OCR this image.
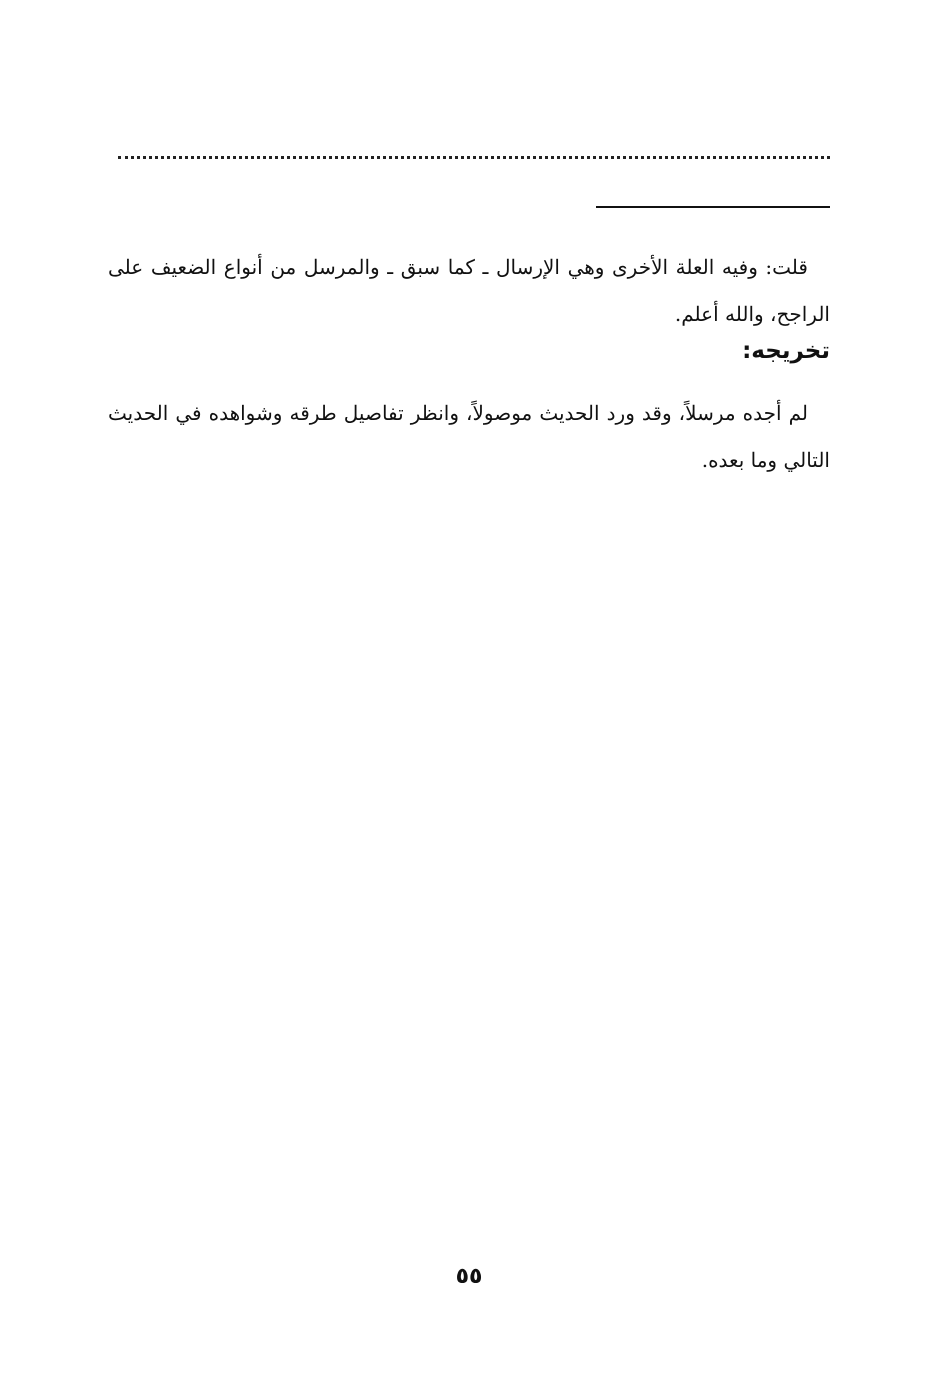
قلت: وفيه العلة الأخرى وهي الإرسال ـ كما سبق ـ والمرسل من أنواع الضعيف على الراجح، والله أعلم.

تخريجه:

لم أجده مرسلاً، وقد ورد الحديث موصولاً، وانظر تفاصيل طرقه وشواهده في الحديث التالي وما بعده.

٥٥
